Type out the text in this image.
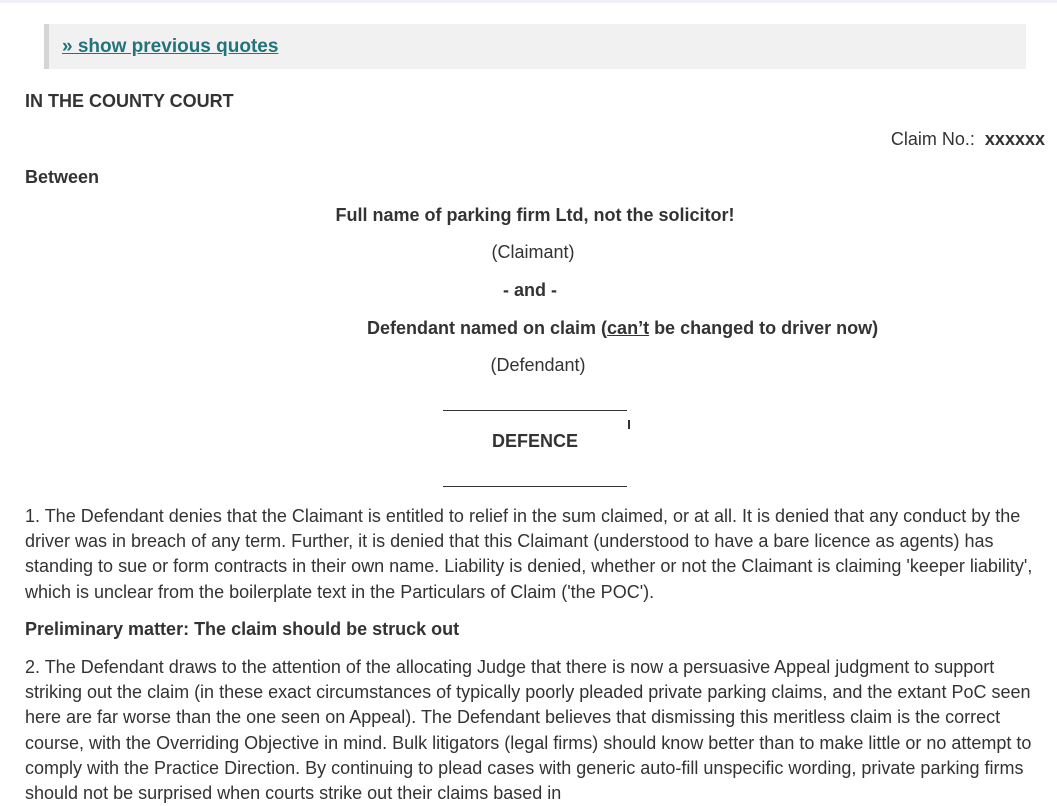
» show previous quotes
IN THE COUNTY COURT
Claim No.: xxxxxx
Between
Full name of parking firm Ltd, not the solicitor!
(Claimant)
- and -
Defendant named on claim (can’t be changed to driver now)
(Defendant)
DEFENCE
1. The Defendant denies that the Claimant is entitled to relief in the sum claimed, or at all. It is denied that any conduct by the driver was in breach of any term. Further, it is denied that this Claimant (understood to have a bare licence as agents) has standing to sue or form contracts in their own name. Liability is denied, whether or not the Claimant is claiming 'keeper liability', which is unclear from the boilerplate text in the Particulars of Claim ('the POC').
Preliminary matter: The claim should be struck out
2. The Defendant draws to the attention of the allocating Judge that there is now a persuasive Appeal judgment to support striking out the claim (in these exact circumstances of typically poorly pleaded private parking claims, and the extant PoC seen here are far worse than the one seen on Appeal). The Defendant believes that dismissing this meritless claim is the correct course, with the Overriding Objective in mind. Bulk litigators (legal firms) should know better than to make little or no attempt to comply with the Practice Direction. By continuing to plead cases with generic auto-fill unspecific wording, private parking firms should not be surprised when courts strike out their claims based in
